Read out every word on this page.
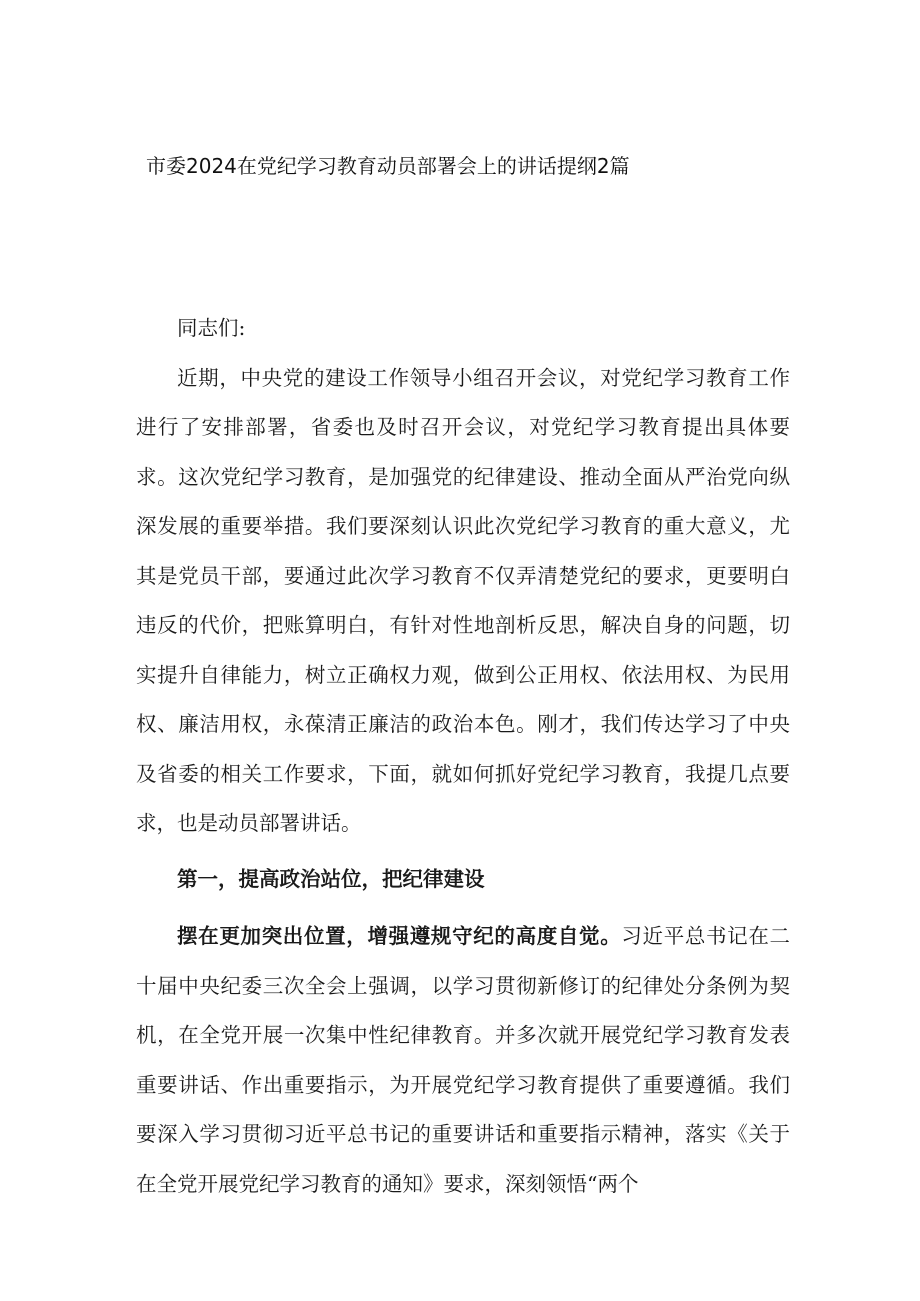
市委2024在党纪学习教育动员部署会上的讲话提纲2篇

同志们:

近期，中央党的建设工作领导小组召开会议，对党纪学习教育工作进行了安排部署，省委也及时召开会议，对党纪学习教育提出具体要求。这次党纪学习教育，是加强党的纪律建设、推动全面从严治党向纵深发展的重要举措。我们要深刻认识此次党纪学习教育的重大意义，尤其是党员干部，要通过此次学习教育不仅弄清楚党纪的要求，更要明白违反的代价，把账算明白，有针对性地剖析反思，解决自身的问题，切实提升自律能力，树立正确权力观，做到公正用权、依法用权、为民用权、廉洁用权，永葆清正廉洁的政治本色。刚才，我们传达学习了中央及省委的相关工作要求，下面，就如何抓好党纪学习教育，我提几点要求，也是动员部署讲话。

第一，提高政治站位，把纪律建设

摆在更加突出位置，增强遵规守纪的高度自觉。习近平总书记在二十届中央纪委三次全会上强调，以学习贯彻新修订的纪律处分条例为契机，在全党开展一次集中性纪律教育。并多次就开展党纪学习教育发表重要讲话、作出重要指示，为开展党纪学习教育提供了重要遵循。我们要深入学习贯彻习近平总书记的重要讲话和重要指示精神，落实《关于在全党开展党纪学习教育的通知》要求，深刻领悟“两个
